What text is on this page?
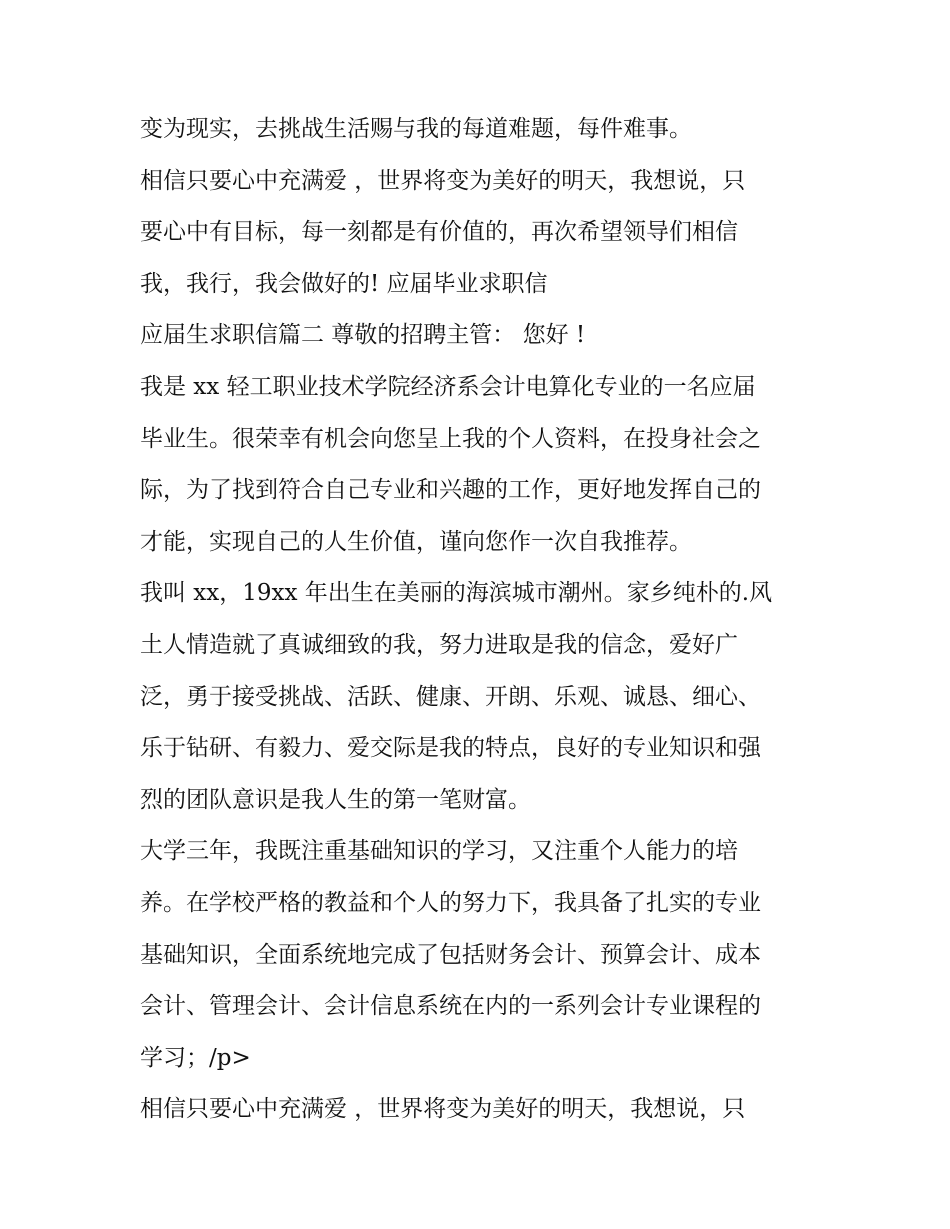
变为现实，去挑战生活赐与我的每道难题，每件难事。
相信只要心中充满爱 ，世界将变为美好的明天，我想说，只
要心中有目标，每一刻都是有价值的，再次希望领导们相信
我，我行，我会做好的! 应届毕业求职信
应届生求职信篇二 尊敬的招聘主管： 您好 !
我是 xx 轻工职业技术学院经济系会计电算化专业的一名应届
毕业生。很荣幸有机会向您呈上我的个人资料，在投身社会之
际，为了找到符合自己专业和兴趣的工作，更好地发挥自己的
才能，实现自己的人生价值，谨向您作一次自我推荐。
我叫 xx，19xx 年出生在美丽的海滨城市潮州。家乡纯朴的.风
土人情造就了真诚细致的我，努力进取是我的信念，爱好广
泛，勇于接受挑战、活跃、健康、开朗、乐观、诚恳、细心、
乐于钻研、有毅力、爱交际是我的特点，良好的专业知识和强
烈的团队意识是我人生的第一笔财富。
大学三年，我既注重基础知识的学习，又注重个人能力的培
养。在学校严格的教益和个人的努力下，我具备了扎实的专业
基础知识，全面系统地完成了包括财务会计、预算会计、成本
会计、管理会计、会计信息系统在内的一系列会计专业课程的
学习；/p>
相信只要心中充满爱 ，世界将变为美好的明天，我想说，只
